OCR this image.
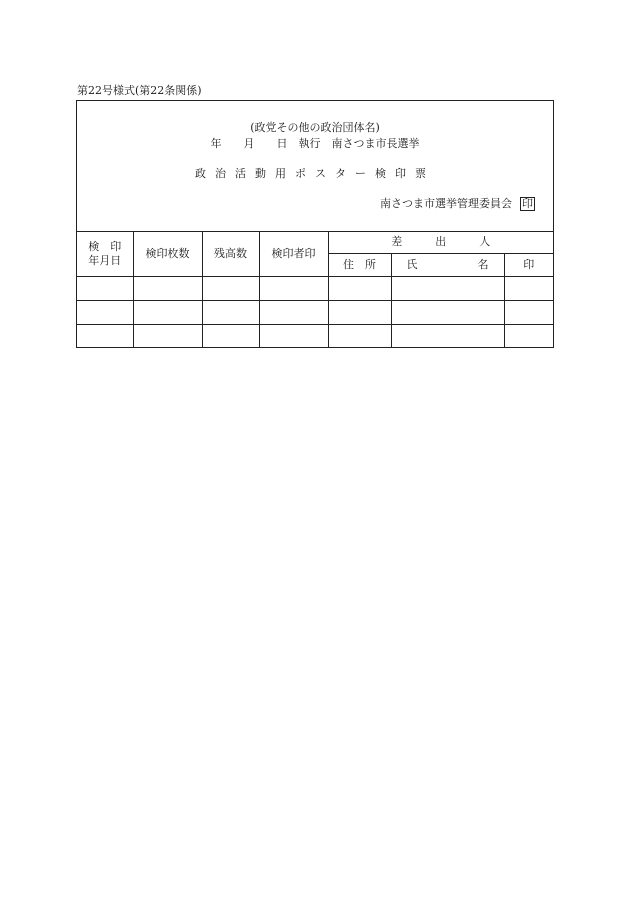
第22号様式(第22条関係)
(政党その他の政治団体名)
年　　月　　日　執行　南さつま市長選挙
政治活動用ポスター検印票
南さつま市選挙管理委員会 印
検　印
年月日	検印枚数	残高数	検印者印	差　　　出　　　人		
				住　所	氏 名	印
